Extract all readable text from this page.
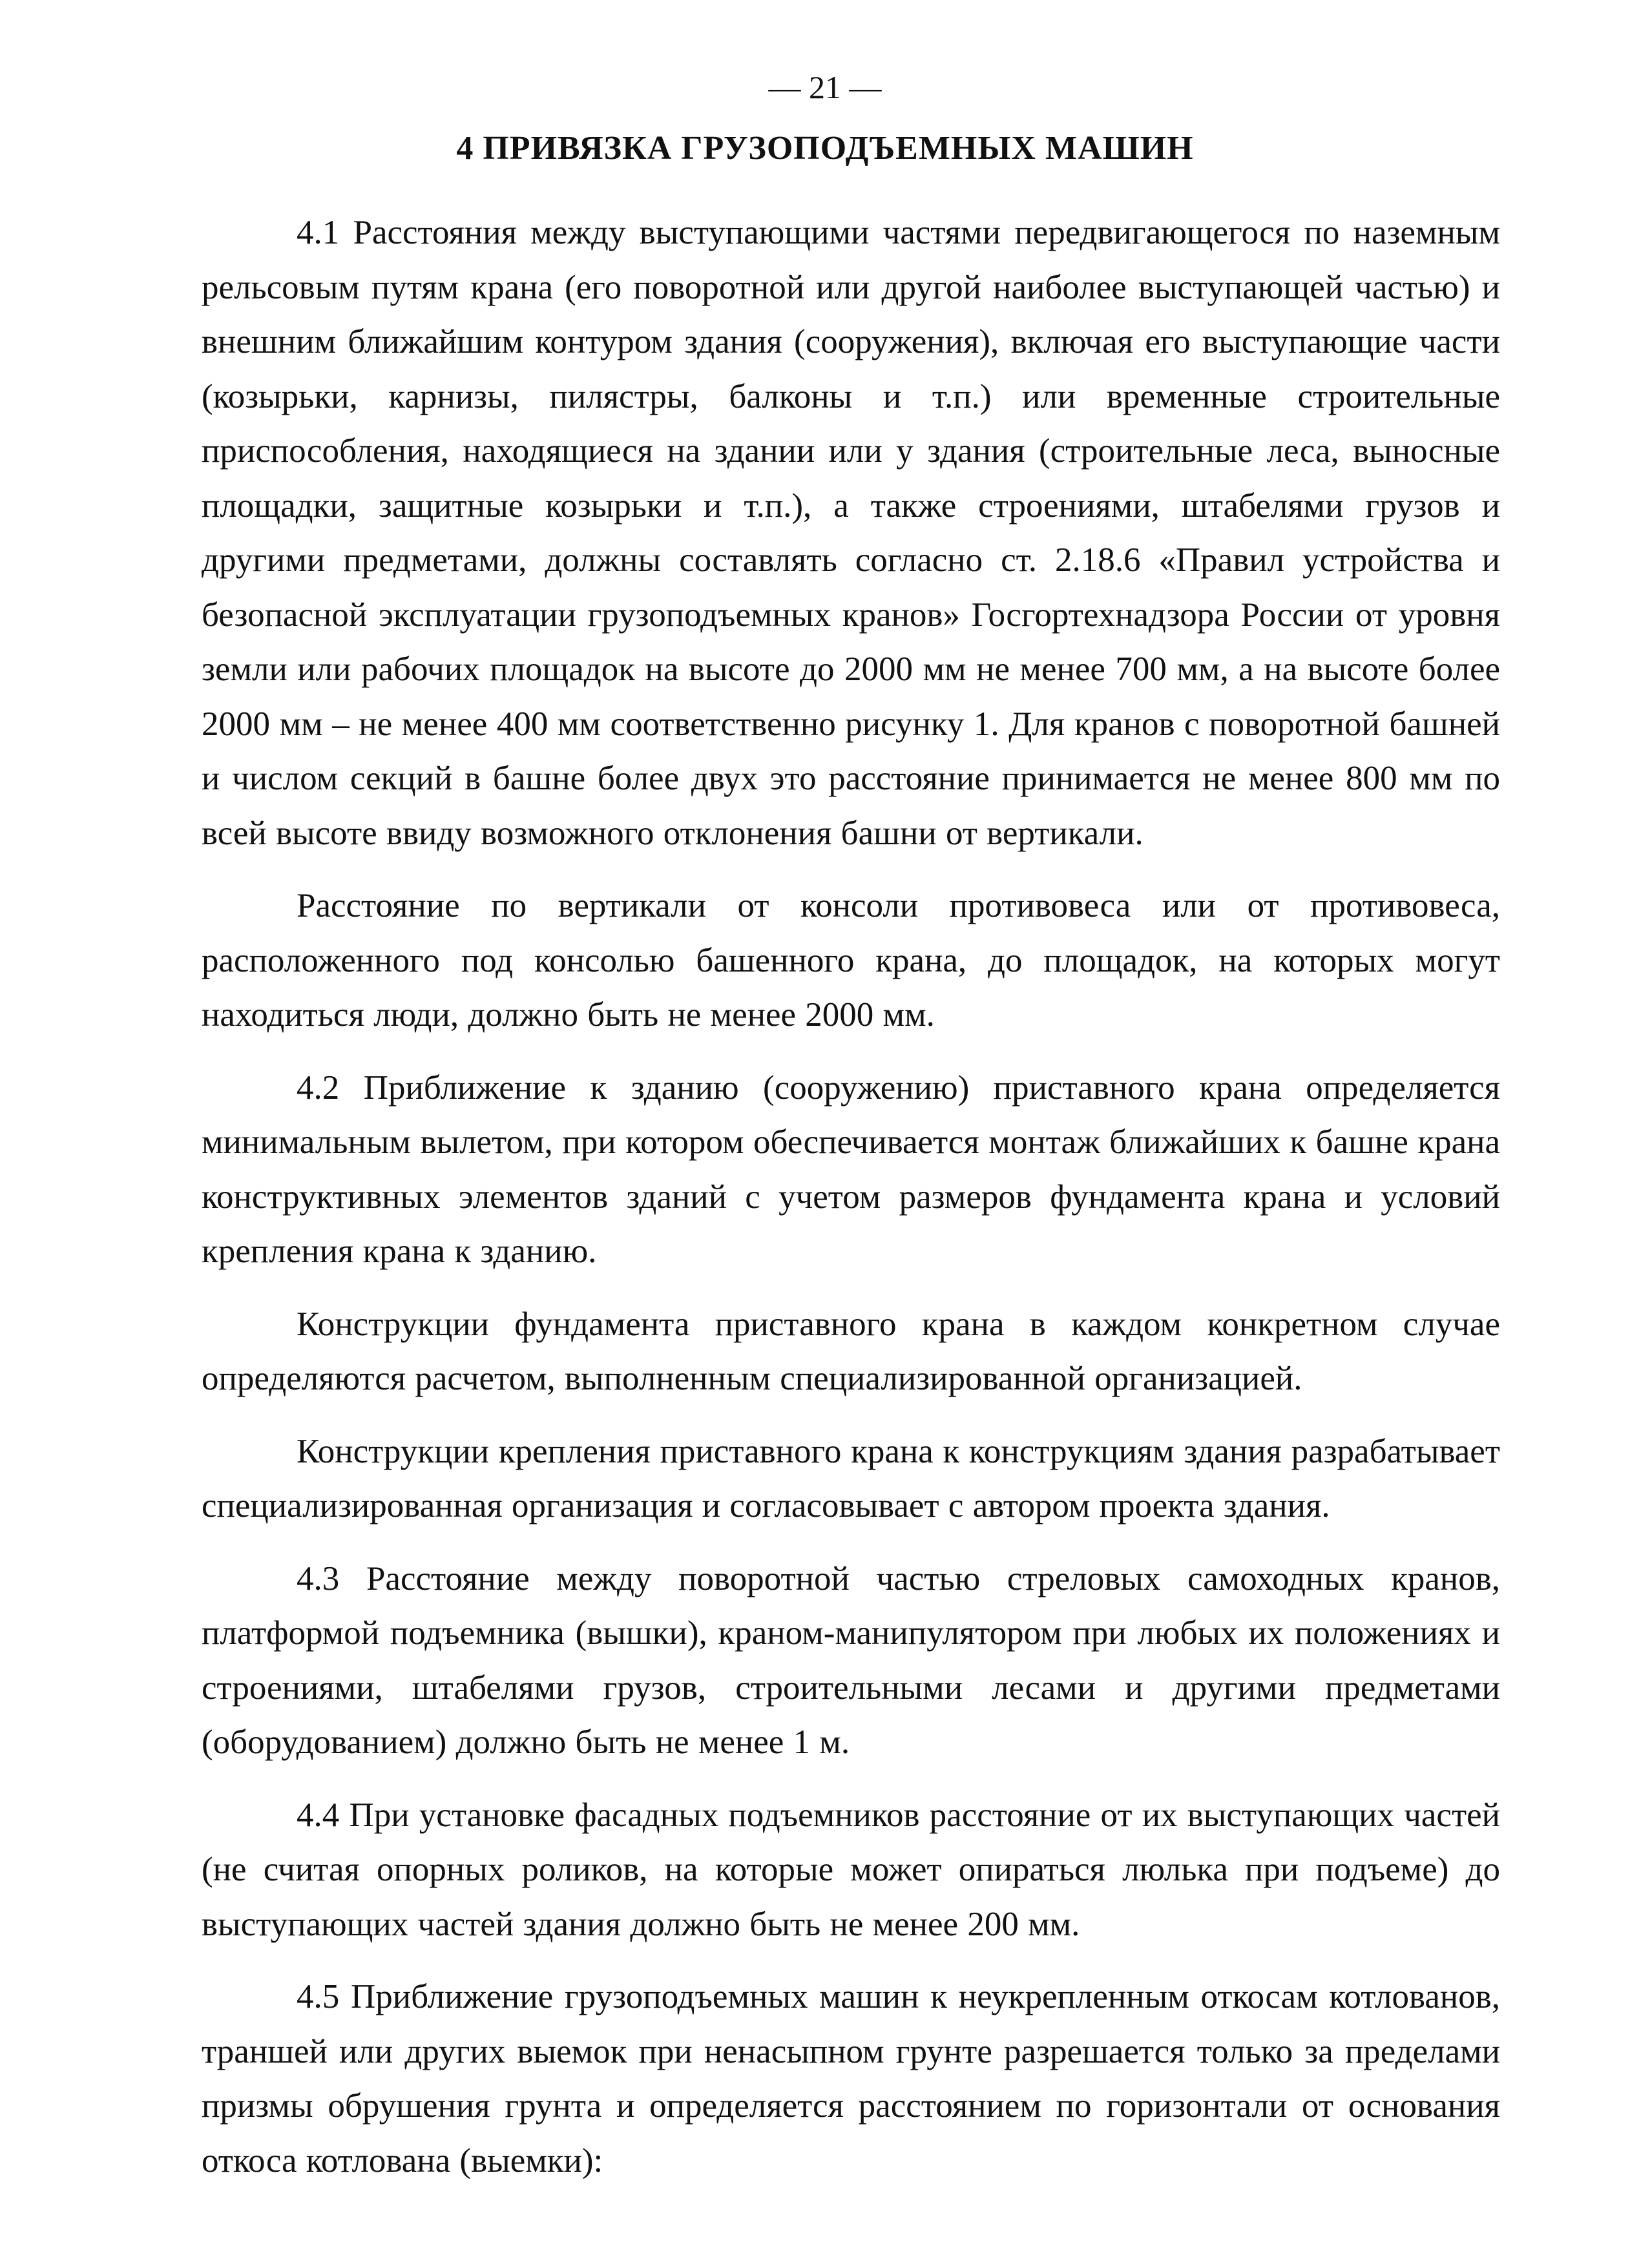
— 21 —
4 ПРИВЯЗКА ГРУЗОПОДЪЕМНЫХ МАШИН

4.1 Расстояния между выступающими частями передвигающегося по наземным рельсовым путям крана (его поворотной или другой наиболее выступающей частью) и внешним ближайшим контуром здания (сооружения), включая его выступающие части (козырьки, карнизы, пилястры, балконы и т.п.) или временные строительные приспособления, находящиеся на здании или у здания (строительные леса, выносные площадки, защитные козырьки и т.п.), а также строениями, штабелями грузов и другими предметами, должны составлять согласно ст. 2.18.6 «Правил устройства и безопасной эксплуатации грузоподъемных кранов» Госгортехнадзора России от уровня земли или рабочих площадок на высоте до 2000 мм не менее 700 мм, а на высоте более 2000 мм – не менее 400 мм соответственно рисунку 1. Для кранов с поворотной башней и числом секций в башне более двух это расстояние принимается не менее 800 мм по всей высоте ввиду возможного отклонения башни от вертикали.

Расстояние по вертикали от консоли противовеса или от противовеса, расположенного под консолью башенного крана, до площадок, на которых могут находиться люди, должно быть не менее 2000 мм.

4.2 Приближение к зданию (сооружению) приставного крана определяется минимальным вылетом, при котором обеспечивается монтаж ближайших к башне крана конструктивных элементов зданий с учетом размеров фундамента крана и условий крепления крана к зданию.

Конструкции фундамента приставного крана в каждом конкретном случае определяются расчетом, выполненным специализированной организацией.

Конструкции крепления приставного крана к конструкциям здания разрабатывает специализированная организация и согласовывает с автором проекта здания.

4.3 Расстояние между поворотной частью стреловых самоходных кранов, платформой подъемника (вышки), краном-манипулятором при любых их положениях и строениями, штабелями грузов, строительными лесами и другими предметами (оборудованием) должно быть не менее 1 м.

4.4 При установке фасадных подъемников расстояние от их выступающих частей (не считая опорных роликов, на которые может опираться люлька при подъеме) до выступающих частей здания должно быть не менее 200 мм.

4.5 Приближение грузоподъемных машин к неукрепленным откосам котлованов, траншей или других выемок при ненасыпном грунте разрешается только за пределами призмы обрушения грунта и определяется расстоянием по горизонтали от основания откоса котлована (выемки):
